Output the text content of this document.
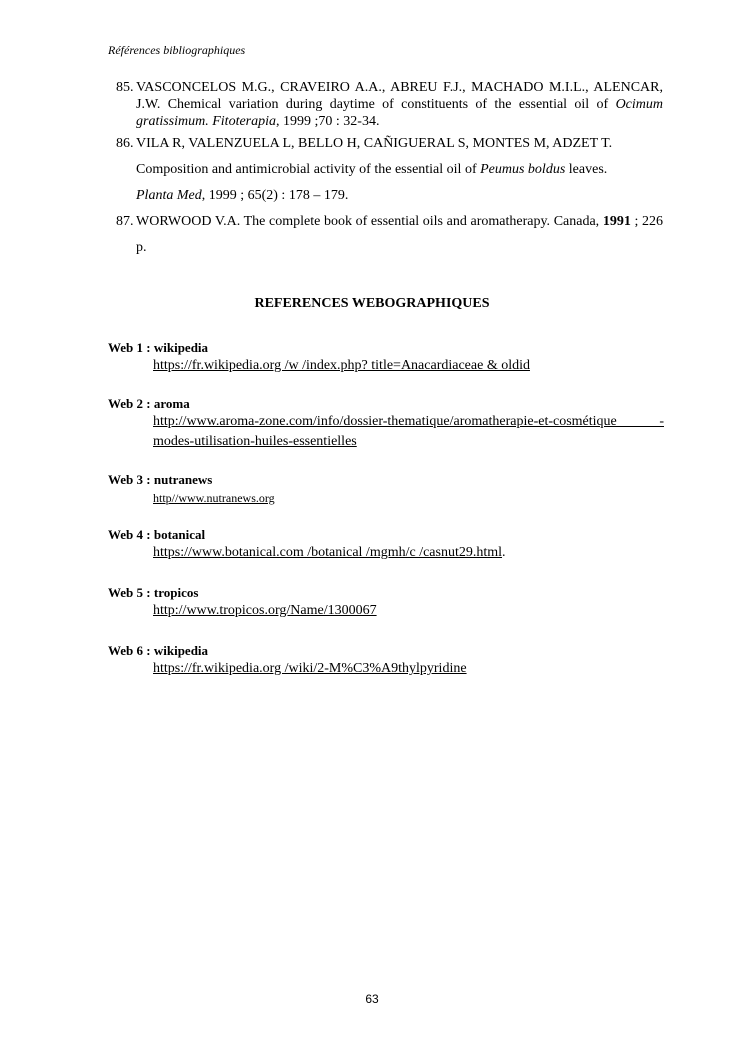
Références bibliographiques
85. VASCONCELOS M.G., CRAVEIRO A.A., ABREU F.J., MACHADO M.I.L., ALENCAR, J.W. Chemical variation during daytime of constituents of the essential oil of Ocimum gratissimum. Fitoterapia, 1999 ;70 : 32-34.
86. VILA R, VALENZUELA L, BELLO H, CAÑIGUERAL S, MONTES M, ADZET T.
Composition and antimicrobial activity of the essential oil of Peumus boldus leaves.
Planta Med, 1999 ; 65(2) : 178 – 179.
87. WORWOOD V.A. The complete book of essential oils and aromatherapy. Canada, 1991 ; 226 p.
REFERENCES WEBOGRAPHIQUES
Web 1 : wikipedia
https://fr.wikipedia.org /w /index.php? title=Anacardiaceae & oldid
Web 2 : aroma
http://www.aroma-zone.com/info/dossier-thematique/aromatherapie-et-cosmétique -modes-utilisation-huiles-essentielles
Web 3 : nutranews
http//www.nutranews.org
Web 4 : botanical
https://www.botanical.com /botanical /mgmh/c /casnut29.html.
Web 5 : tropicos
http://www.tropicos.org/Name/1300067
Web 6 : wikipedia
https://fr.wikipedia.org /wiki/2-M%C3%A9thylpyridine
63
